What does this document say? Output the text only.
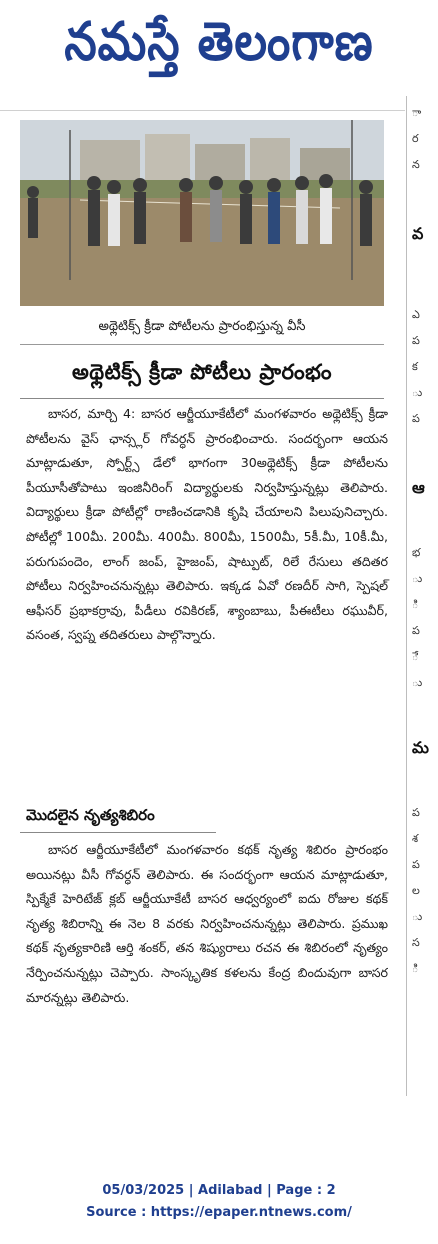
నమస్తే తెలంగాణ
ా
ర
న
వ
ఎ
ప
క
ు
ప
ఆ
భ
ు
ి
ప
ే
ు
మ
ప
శ
ప
ల
ు
స
ి
అథ్లెటిక్స్ క్రీడా పోటీలను ప్రారంభిస్తున్న వీసీ
అథ్లెటిక్స్ క్రీడా పోటీలు ప్రారంభం

బాసర, మార్చి 4: బాసర ఆర్జీయూకేటీలో మంగళవారం అథ్లెటిక్స్ క్రీడా పోటీలను వైస్ ఛాన్స్లర్ గోవర్ధన్ ప్రారంభించారు. సందర్భంగా ఆయన మాట్లాడుతూ, స్పోర్ట్స్ డేలో భాగంగా 30అథ్లెటిక్స్ క్రీడా పోటీలను పీయూసీతోపాటు ఇంజినీరింగ్ విద్యార్థులకు నిర్వహిస్తున్నట్లు తెలిపారు. విద్యార్థులు క్రీడా పోటీల్లో రాణించడానికి కృషి చేయాలని పిలుపునిచ్చారు. పోటీల్లో 100మీ. 200మీ. 400మీ. 800మీ, 1500మీ, 5కీ.మీ, 10కీ.మీ, పరుగుపందెం, లాంగ్ జంప్, హైజంప్, షాట్పుట్, రిలే రేసులు తదితర పోటీలు నిర్వహించనున్నట్లు తెలిపారు. ఇక్కడ ఏవో రణదీర్ సాగి, స్పెషల్ ఆఫీసర్ ప్రభాకర్రావు, పీడీలు రవికిరణ్, శ్యాంబాబు, పీఈటీలు రఘువీర్, వసంత, స్వప్న తదితరులు పాల్గొన్నారు.

మొదలైన నృత్యశిబిరం

బాసర ఆర్జీయూకేటీలో మంగళవారం కథక్ నృత్య శిబిరం ప్రారంభం అయినట్లు వీసీ గోవర్ధన్ తెలిపారు. ఈ సందర్భంగా ఆయన మాట్లాడుతూ, స్పిక్మేకే హెరిటేజ్ క్లబ్ ఆర్జీయూకేటీ బాసర ఆధ్వర్యంలో ఐదు రోజుల కథక్ నృత్య శిబిరాన్ని ఈ నెల 8 వరకు నిర్వహించనున్నట్లు తెలిపారు. ప్రముఖ కథక్ నృత్యకారిణి ఆర్తి శంకర్, తన శిష్యురాలు రచన ఈ శిబిరంలో నృత్యం నేర్పించనున్నట్లు చెప్పారు. సాంస్కృతిక కళలను కేంద్ర బిందువుగా బాసర మారన్నట్లు తెలిపారు.

05/03/2025 | Adilabad | Page : 2
Source : https://epaper.ntnews.com/
